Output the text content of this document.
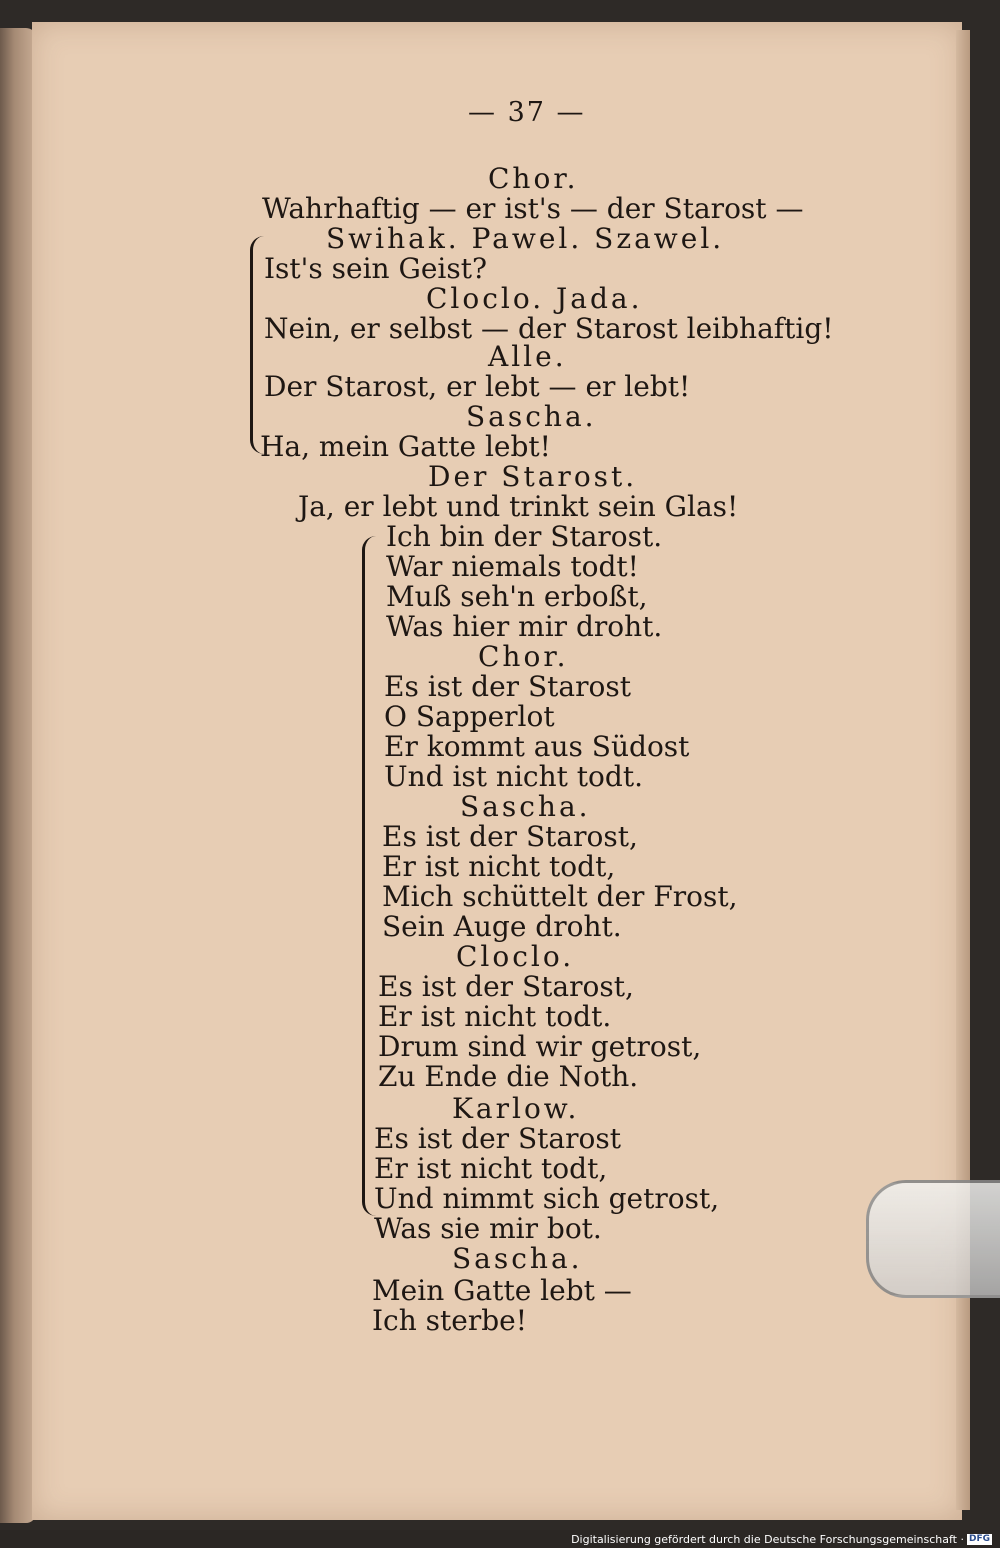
— 37 —
Chor.
Wahrhaftig — er ist's — der Starost —
Swihak. Pawel. Szawel.
Ist's sein Geist?
Cloclo. Jada.
Nein, er selbst — der Starost leibhaftig!
Alle.
Der Starost, er lebt — er lebt!
Sascha.
Ha, mein Gatte lebt!
Der Starost.
Ja, er lebt und trinkt sein Glas!
Ich bin der Starost.
War niemals todt!
Muß seh'n erboßt,
Was hier mir droht.
Chor.
Es ist der Starost
O Sapperlot
Er kommt aus Südost
Und ist nicht todt.
Sascha.
Es ist der Starost,
Er ist nicht todt,
Mich schüttelt der Frost,
Sein Auge droht.
Cloclo.
Es ist der Starost,
Er ist nicht todt.
Drum sind wir getrost,
Zu Ende die Noth.
Karlow.
Es ist der Starost
Er ist nicht todt,
Und nimmt sich getrost,
Was sie mir bot.
Sascha.
Mein Gatte lebt —
Ich sterbe!
Digitalisierung gefördert durch die Deutsche Forschungsgemeinschaft · DFG
